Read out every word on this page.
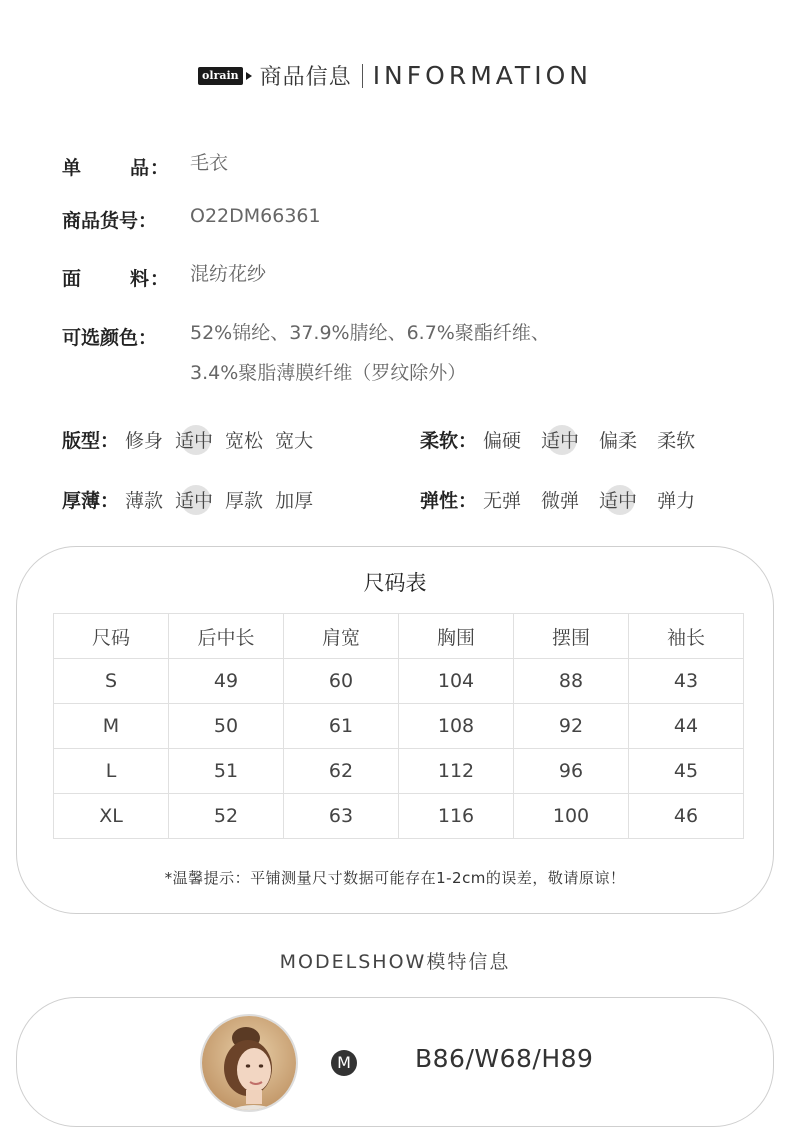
olrain 商品信息 INFORMATION
单	品 ： 毛衣
商品货号：	O22DM66361
面	料 ： 混纺花纱
可选颜色：	52%锦纶、37.9%腈纶、6.7%聚酯纤维、
3.4%聚脂薄膜纤维（罗纹除外）
版型： 修身 适中 宽松 宽大	柔软： 偏硬 适中 偏柔 柔软
厚薄： 薄款 适中 厚款 加厚	弹性： 无弹 微弹 适中 弹力
尺码表
尺码	后中长	肩宽	胸围	摆围	袖长
S	49	60	104	88	43
M	50	61	108	92	44
L	51	62	112	96	45
XL	52	63	116	100	46
*温馨提示：平铺测量尺寸数据可能存在1-2cm的误差，敬请原谅！
MODELSHOW模特信息
M	B86/W68/H89
